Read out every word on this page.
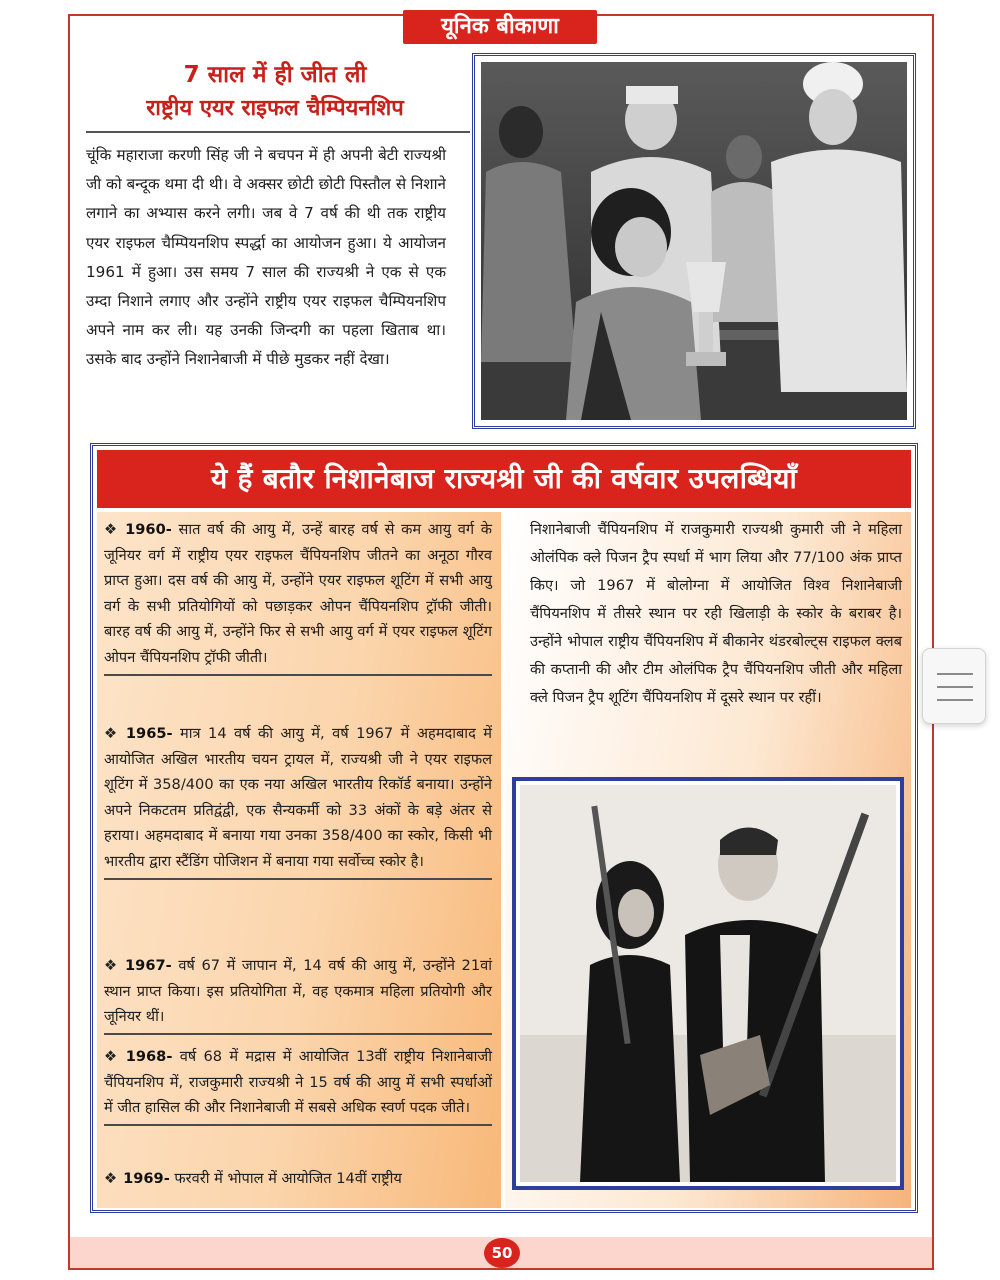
यूनिक बीकाणा
7 साल में ही जीत ली
राष्ट्रीय एयर राइफल चैम्पियनशिप
चूंकि महाराजा करणी सिंह जी ने बचपन में ही अपनी बेटी राज्यश्री जी को बन्दूक थमा दी थी। वे अक्सर छोटी छोटी पिस्तौल से निशाने लगाने का अभ्यास करने लगी। जब वे 7 वर्ष की थी तक राष्ट्रीय एयर राइफल चैम्पियनशिप स्पर्द्धा का आयोजन हुआ। ये आयोजन 1961 में हुआ। उस समय 7 साल की राज्यश्री ने एक से एक उम्दा निशाने लगाए और उन्होंने राष्ट्रीय एयर राइफल चैम्पियनशिप अपने नाम कर ली। यह उनकी जिन्दगी का पहला खिताब था। उसके बाद उन्होंने निशानेबाजी में पीछे मुडकर नहीं देखा।
ये हैं बतौर निशानेबाज राज्यश्री जी की वर्षवार उपलब्धियाँ
❖ 1960- सात वर्ष की आयु में, उन्हें बारह वर्ष से कम आयु वर्ग के जूनियर वर्ग में राष्ट्रीय एयर राइफल चैंपियनशिप जीतने का अनूठा गौरव प्राप्त हुआ। दस वर्ष की आयु में, उन्होंने एयर राइफल शूटिंग में सभी आयु वर्ग के सभी प्रतियोगियों को पछाड़कर ओपन चैंपियनशिप ट्रॉफी जीती। बारह वर्ष की आयु में, उन्होंने फिर से सभी आयु वर्ग में एयर राइफल शूटिंग ओपन चैंपियनशिप ट्रॉफी जीती।
❖ 1965- मात्र 14 वर्ष की आयु में, वर्ष 1967 में अहमदाबाद में आयोजित अखिल भारतीय चयन ट्रायल में, राज्यश्री जी ने एयर राइफल शूटिंग में 358/400 का एक नया अखिल भारतीय रिकॉर्ड बनाया। उन्होंने अपने निकटतम प्रतिद्वंद्वी, एक सैन्यकर्मी को 33 अंकों के बड़े अंतर से हराया। अहमदाबाद में बनाया गया उनका 358/400 का स्कोर, किसी भी भारतीय द्वारा स्टैंडिंग पोजिशन में बनाया गया सर्वोच्च स्कोर है।
❖ 1967- वर्ष 67 में जापान में, 14 वर्ष की आयु में, उन्होंने 21वां स्थान प्राप्त किया। इस प्रतियोगिता में, वह एकमात्र महिला प्रतियोगी और जूनियर थीं।
❖ 1968- वर्ष 68 में मद्रास में आयोजित 13वीं राष्ट्रीय निशानेबाजी चैंपियनशिप में, राजकुमारी राज्यश्री ने 15 वर्ष की आयु में सभी स्पर्धाओं में जीत हासिल की और निशानेबाजी में सबसे अधिक स्वर्ण पदक जीते।
❖ 1969- फरवरी में भोपाल में आयोजित 14वीं राष्ट्रीय
निशानेबाजी चैंपियनशिप में राजकुमारी राज्यश्री कुमारी जी ने महिला ओलंपिक क्ले पिजन ट्रैप स्पर्धा में भाग लिया और 77/100 अंक प्राप्त किए। जो 1967 में बोलोग्ना में आयोजित विश्व निशानेबाजी चैंपियनशिप में तीसरे स्थान पर रही खिलाड़ी के स्कोर के बराबर है। उन्होंने भोपाल राष्ट्रीय चैंपियनशिप में बीकानेर थंडरबोल्ट्स राइफल क्लब की कप्तानी की और टीम ओलंपिक ट्रैप चैंपियनशिप जीती और महिला क्ले पिजन ट्रैप शूटिंग चैंपियनशिप में दूसरे स्थान पर रहीं।
50
